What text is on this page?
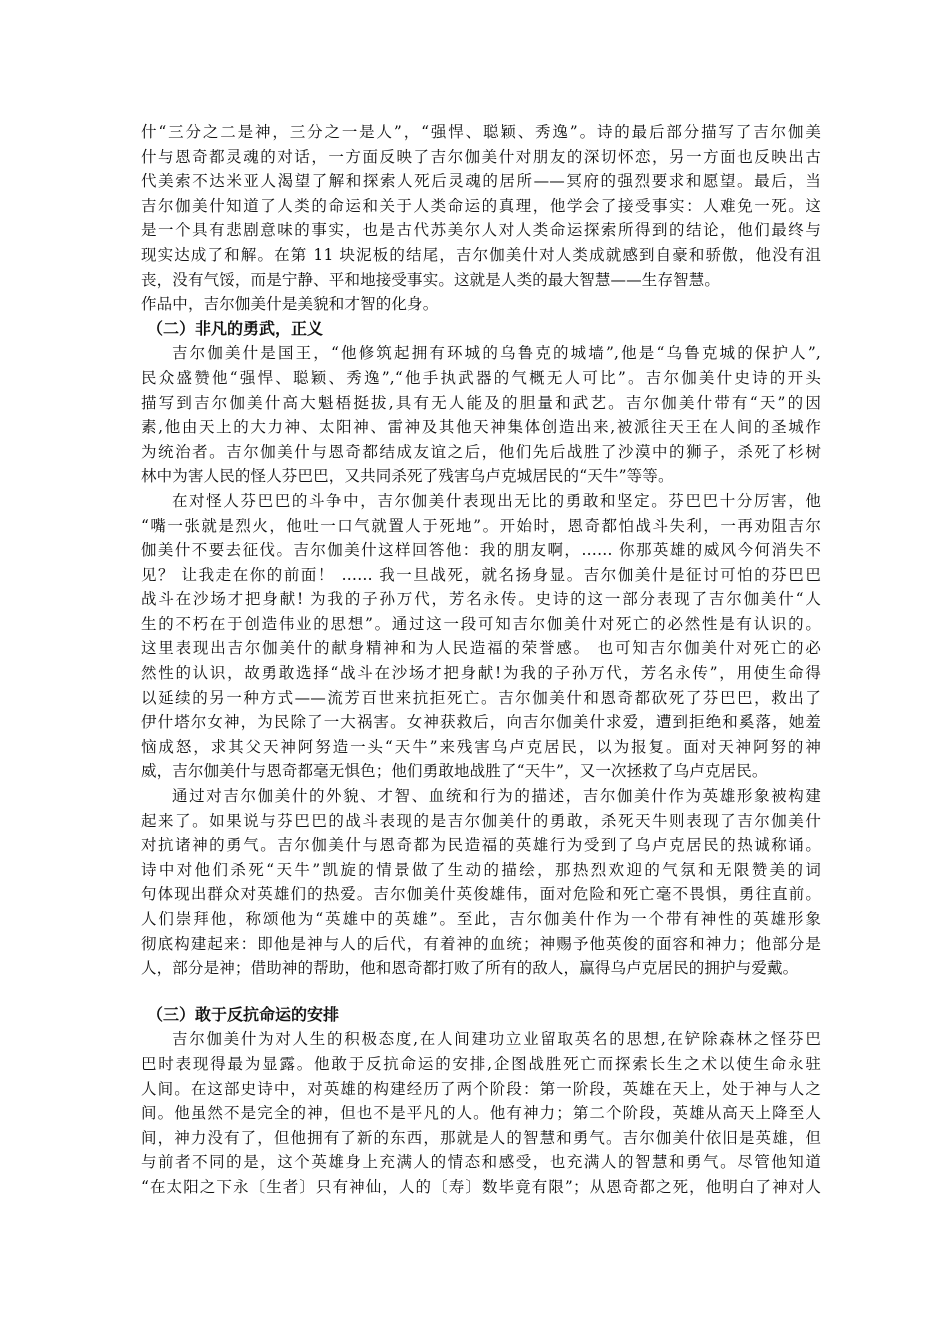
什“三分之二是神，三分之一是人”，“强悍、聪颖、秀逸”。诗的最后部分描写了吉尔伽美
什与恩奇都灵魂的对话，一方面反映了吉尔伽美什对朋友的深切怀恋，另一方面也反映出古
代美索不达米亚人渴望了解和探索人死后灵魂的居所——冥府的强烈要求和愿望。最后，当
吉尔伽美什知道了人类的命运和关于人类命运的真理，他学会了接受事实：人难免一死。这
是一个具有悲剧意味的事实，也是古代苏美尔人对人类命运探索所得到的结论，他们最终与
现实达成了和解。在第 11 块泥板的结尾，吉尔伽美什对人类成就感到自豪和骄傲，他没有沮
丧，没有气馁，而是宁静、平和地接受事实。这就是人类的最大智慧——生存智慧。
作品中，吉尔伽美什是美貌和才智的化身。
（二）非凡的勇武，正义
吉尔伽美什是国王，“他修筑起拥有环城的乌鲁克的城墙”,他是“乌鲁克城的保护人”,
民众盛赞他“强悍、聪颖、秀逸”,“他手执武器的气概无人可比”。吉尔伽美什史诗的开头
描写到吉尔伽美什高大魁梧挺拔,具有无人能及的胆量和武艺。吉尔伽美什带有“天”的因
素,他由天上的大力神、太阳神、雷神及其他天神集体创造出来,被派往天王在人间的圣城作
为统治者。吉尔伽美什与恩奇都结成友谊之后，他们先后战胜了沙漠中的狮子，杀死了杉树
林中为害人民的怪人芬巴巴，又共同杀死了残害乌卢克城居民的“天牛”等等。
在对怪人芬巴巴的斗争中，吉尔伽美什表现出无比的勇敢和坚定。芬巴巴十分厉害，他
“嘴一张就是烈火，他吐一口气就置人于死地”。开始时，恩奇都怕战斗失利，一再劝阻吉尔
伽美什不要去征伐。吉尔伽美什这样回答他：我的朋友啊，…… 你那英雄的威风今何消失不
见？ 让我走在你的前面！ …… 我一旦战死，就名扬身显。吉尔伽美什是征讨可怕的芬巴巴
战斗在沙场才把身献! 为我的子孙万代，芳名永传。史诗的这一部分表现了吉尔伽美什“人
生的不朽在于创造伟业的思想”。通过这一段可知吉尔伽美什对死亡的必然性是有认识的。
这里表现出吉尔伽美什的献身精神和为人民造福的荣誉感。 也可知吉尔伽美什对死亡的必
然性的认识，故勇敢选择“战斗在沙场才把身献!为我的子孙万代，芳名永传”，用使生命得
以延续的另一种方式——流芳百世来抗拒死亡。吉尔伽美什和恩奇都砍死了芬巴巴，救出了
伊什塔尔女神，为民除了一大祸害。女神获救后，向吉尔伽美什求爱，遭到拒绝和奚落，她羞
恼成怒，求其父天神阿努造一头“天牛”来残害乌卢克居民，以为报复。面对天神阿努的神
威，吉尔伽美什与恩奇都毫无惧色；他们勇敢地战胜了“天牛”，又一次拯救了乌卢克居民。
通过对吉尔伽美什的外貌、才智、血统和行为的描述，吉尔伽美什作为英雄形象被构建
起来了。如果说与芬巴巴的战斗表现的是吉尔伽美什的勇敢，杀死天牛则表现了吉尔伽美什
对抗诸神的勇气。吉尔伽美什与恩奇都为民造福的英雄行为受到了乌卢克居民的热诚称诵。
诗中对他们杀死“天牛”凯旋的情景做了生动的描绘，那热烈欢迎的气氛和无限赞美的词
句体现出群众对英雄们的热爱。吉尔伽美什英俊雄伟，面对危险和死亡毫不畏惧，勇往直前。
人们崇拜他，称颂他为“英雄中的英雄”。至此，吉尔伽美什作为一个带有神性的英雄形象
彻底构建起来：即他是神与人的后代，有着神的血统；神赐予他英俊的面容和神力；他部分是
人，部分是神；借助神的帮助，他和恩奇都打败了所有的敌人，赢得乌卢克居民的拥护与爱戴。
（三）敢于反抗命运的安排
吉尔伽美什为对人生的积极态度,在人间建功立业留取英名的思想,在铲除森林之怪芬巴
巴时表现得最为显露。他敢于反抗命运的安排,企图战胜死亡而探索长生之术以使生命永驻
人间。在这部史诗中，对英雄的构建经历了两个阶段：第一阶段，英雄在天上，处于神与人之
间。他虽然不是完全的神，但也不是平凡的人。他有神力；第二个阶段，英雄从高天上降至人
间，神力没有了，但他拥有了新的东西，那就是人的智慧和勇气。吉尔伽美什依旧是英雄，但
与前者不同的是，这个英雄身上充满人的情态和感受，也充满人的智慧和勇气。尽管他知道
“在太阳之下永〔生者〕只有神仙，人的〔寿〕数毕竟有限”；从恩奇都之死，他明白了神对人
